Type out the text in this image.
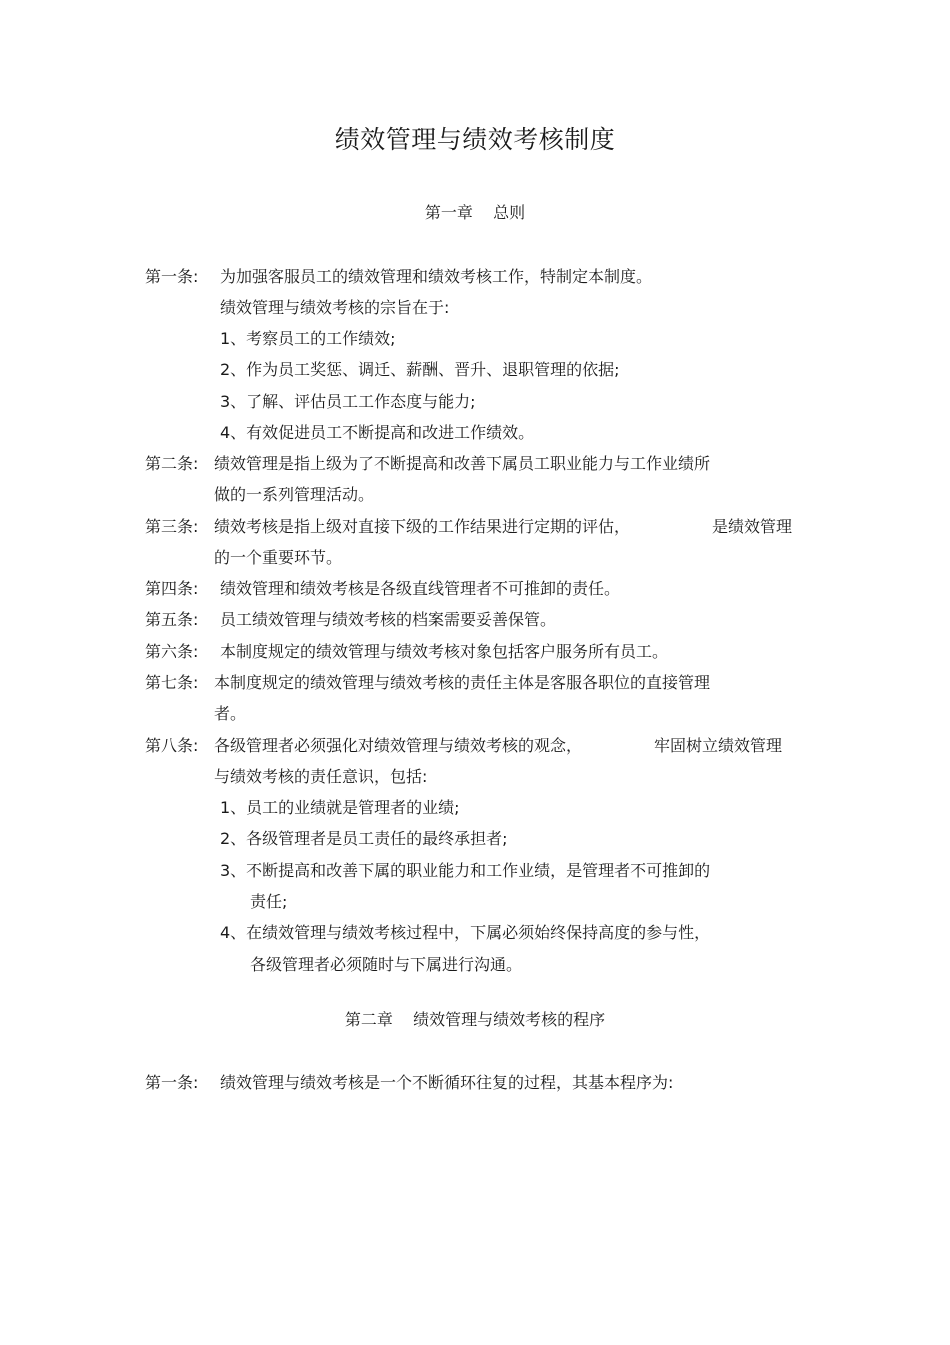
绩效管理与绩效考核制度
第一章    总则
第一条: 为加强客服员工的绩效管理和绩效考核工作，特制定本制度。
绩效管理与绩效考核的宗旨在于:
1、考察员工的工作绩效;
2、作为员工奖惩、调迁、薪酬、晋升、退职管理的依据;
3、了解、评估员工工作态度与能力;
4、有效促进员工不断提高和改进工作绩效。
第二条: 绩效管理是指上级为了不断提高和改善下属员工职业能力与工作业绩所
做的一系列管理活动。
第三条: 绩效考核是指上级对直接下级的工作结果进行定期的评估，	是绩效管理
的一个重要环节。
第四条: 绩效管理和绩效考核是各级直线管理者不可推卸的责任。
第五条: 员工绩效管理与绩效考核的档案需要妥善保管。
第六条: 本制度规定的绩效管理与绩效考核对象包括客户服务所有员工。
第七条: 本制度规定的绩效管理与绩效考核的责任主体是客服各职位的直接管理
者。
第八条: 各级管理者必须强化对绩效管理与绩效考核的观念，	牢固树立绩效管理
与绩效考核的责任意识，包括:
1、员工的业绩就是管理者的业绩;
2、各级管理者是员工责任的最终承担者;
3、不断提高和改善下属的职业能力和工作业绩，是管理者不可推卸的
责任;
4、在绩效管理与绩效考核过程中，下属必须始终保持高度的参与性，
各级管理者必须随时与下属进行沟通。
第二章    绩效管理与绩效考核的程序
第一条: 绩效管理与绩效考核是一个不断循环往复的过程，其基本程序为:
